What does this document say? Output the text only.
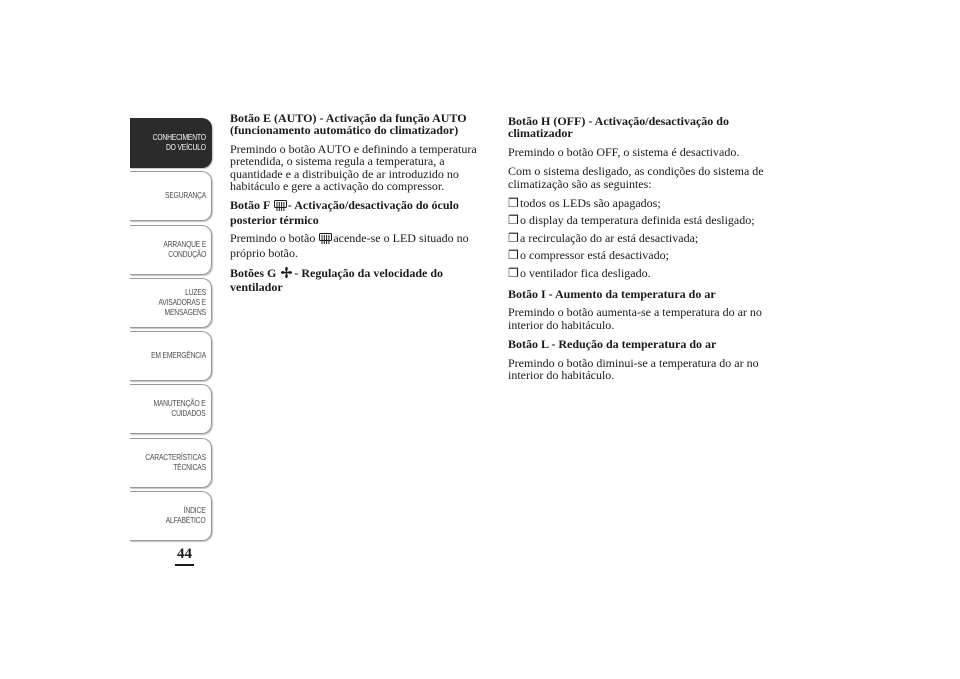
CONHECIMENTO
DO VEÍCULO
SEGURANÇA
ARRANQUE E
CONDUÇÃO
LUZES
AVISADORAS E
MENSAGENS
EM EMERGÊNCIA
MANUTENÇÃO E
CUIDADOS
CARACTERÍSTICAS
TÉCNICAS
ÍNDICE
ALFABÉTICO
44

Botão E (AUTO) - Activação da função AUTO (funcionamento automático do climatizador)

Premindo o botão AUTO e definindo a temperatura pretendida, o sistema regula a temperatura, a quantidade e a distribuição de ar introduzido no habitáculo e gere a activação do compressor.

Botão F - Activação/desactivação do óculo posterior térmico

Premindo o botão acende-se o LED situado no próprio botão.

Botões G - Regulação da velocidade do ventilador

Botão H (OFF) - Activação/desactivação do climatizador

Premindo o botão OFF, o sistema é desactivado.

Com o sistema desligado, as condições do sistema de climatização são as seguintes:

❒ todos os LEDs são apagados;
❒ o display da temperatura definida está desligado;
❒ a recirculação do ar está desactivada;
❒ o compressor está desactivado;
❒ o ventilador fica desligado.

Botão I - Aumento da temperatura do ar

Premindo o botão aumenta-se a temperatura do ar no interior do habitáculo.

Botão L - Redução da temperatura do ar

Premindo o botão diminui-se a temperatura do ar no interior do habitáculo.
